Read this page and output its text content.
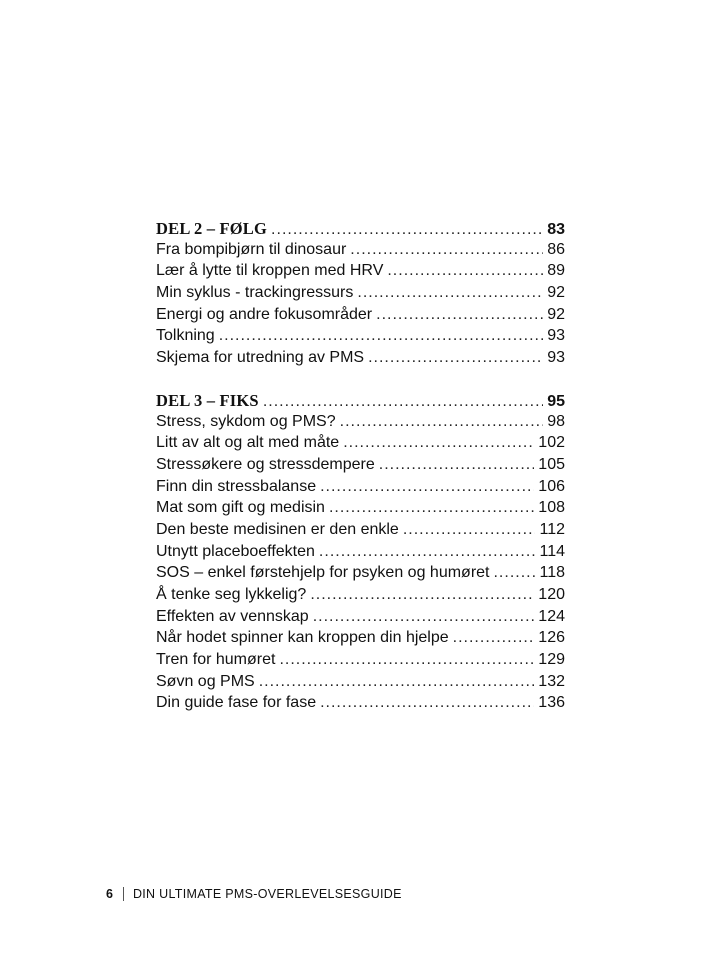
DEL 2 – FØLG .....	83
Fra bompibjørn til dinosaur .....	86
Lær å lytte til kroppen med HRV .....	89
Min syklus - trackingressurs .....	92
Energi og andre fokusområder .....	92
Tolkning .....	93
Skjema for utredning av PMS .....	93
DEL 3 – FIKS .....	95
Stress, sykdom og PMS? .....	98
Litt av alt og alt med måte .....	102
Stressøkere og stressdempere .....	105
Finn din stressbalanse .....	106
Mat som gift og medisin .....	108
Den beste medisinen er den enkle .....	112
Utnytt placeboeffekten .....	114
SOS – enkel førstehjelp for psyken og humøret .....	118
Å tenke seg lykkelig? .....	120
Effekten av vennskap .....	124
Når hodet spinner kan kroppen din hjelpe .....	126
Tren for humøret .....	129
Søvn og PMS .....	132
Din guide fase for fase .....	136
6 DIN ULTIMATE PMS-OVERLEVELSESGUIDE
